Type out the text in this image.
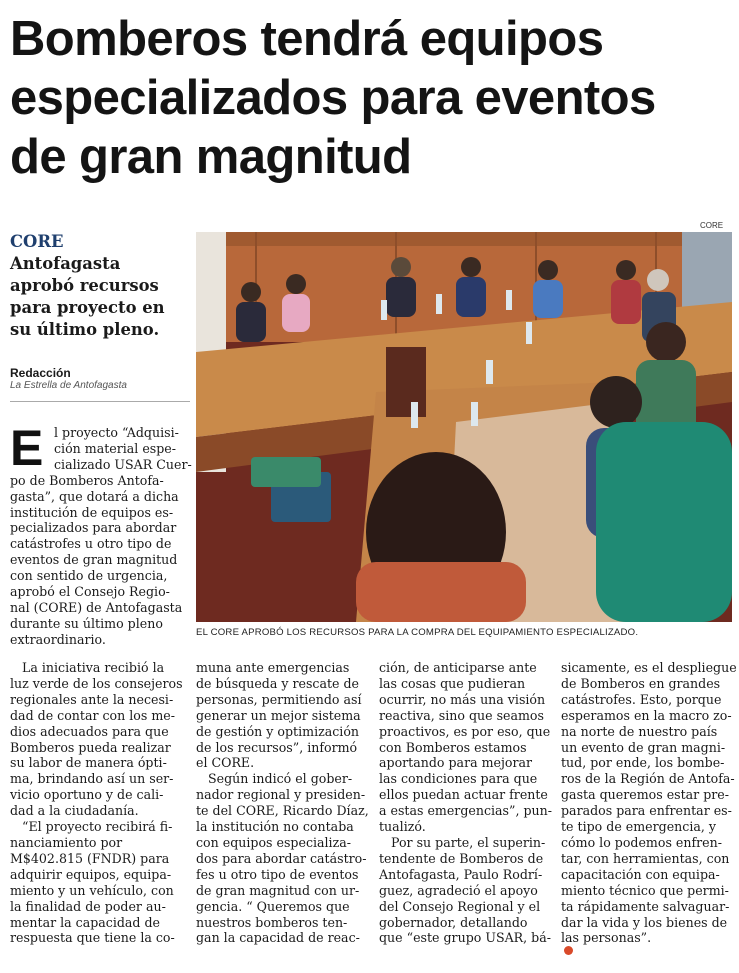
Bomberos tendrá equipos
especializados para eventos
de gran magnitud
CORE
CORE
Antofagasta
aprobó recursos
para proyecto en
su último pleno.
Redacción
La Estrella de Antofagasta
EL CORE APROBÓ LOS RECURSOS PARA LA COMPRA DEL EQUIPAMIENTO ESPECIALIZADO.
E l proyecto “Adquisi-
ción material espe-
cializado USAR Cuer-
po de Bomberos Antofa-
gasta”, que dotará a dicha
institución de equipos es-
pecializados para abordar
catástrofes u otro tipo de
eventos de gran magnitud
con sentido de urgencia,
aprobó el Consejo Regio-
nal (CORE) de Antofagasta
durante su último pleno
extraordinario.
La iniciativa recibió la
luz verde de los consejeros
regionales ante la necesi-
dad de contar con los me-
dios adecuados para que
Bomberos pueda realizar
su labor de manera ópti-
ma, brindando así un ser-
vicio oportuno y de cali-
dad a la ciudadanía.
“El proyecto recibirá fi-
nanciamiento por
M$402.815 (FNDR) para
adquirir equipos, equipa-
miento y un vehículo, con
la finalidad de poder au-
mentar la capacidad de
respuesta que tiene la co-
muna ante emergencias
de búsqueda y rescate de
personas, permitiendo así
generar un mejor sistema
de gestión y optimización
de los recursos”, informó
el CORE.
Según indicó el gober-
nador regional y presiden-
te del CORE, Ricardo Díaz,
la institución no contaba
con equipos especializa-
dos para abordar catástro-
fes u otro tipo de eventos
de gran magnitud con ur-
gencia. “ Queremos que
nuestros bomberos ten-
gan la capacidad de reac-
ción, de anticiparse ante
las cosas que pudieran
ocurrir, no más una visión
reactiva, sino que seamos
proactivos, es por eso, que
con Bomberos estamos
aportando para mejorar
las condiciones para que
ellos puedan actuar frente
a estas emergencias”, pun-
tualizó.
Por su parte, el superin-
tendente de Bomberos de
Antofagasta, Paulo Rodrí-
guez, agradeció el apoyo
del Consejo Regional y el
gobernador, detallando
que “este grupo USAR, bá-
sicamente, es el despliegue
de Bomberos en grandes
catástrofes. Esto, porque
esperamos en la macro zo-
na norte de nuestro país
un evento de gran magni-
tud, por ende, los bombe-
ros de la Región de Antofa-
gasta queremos estar pre-
parados para enfrentar es-
te tipo de emergencia, y
cómo lo podemos enfren-
tar, con herramientas, con
capacitación con equipa-
miento técnico que permi-
ta rápidamente salvaguar-
dar la vida y los bienes de
las personas”.
